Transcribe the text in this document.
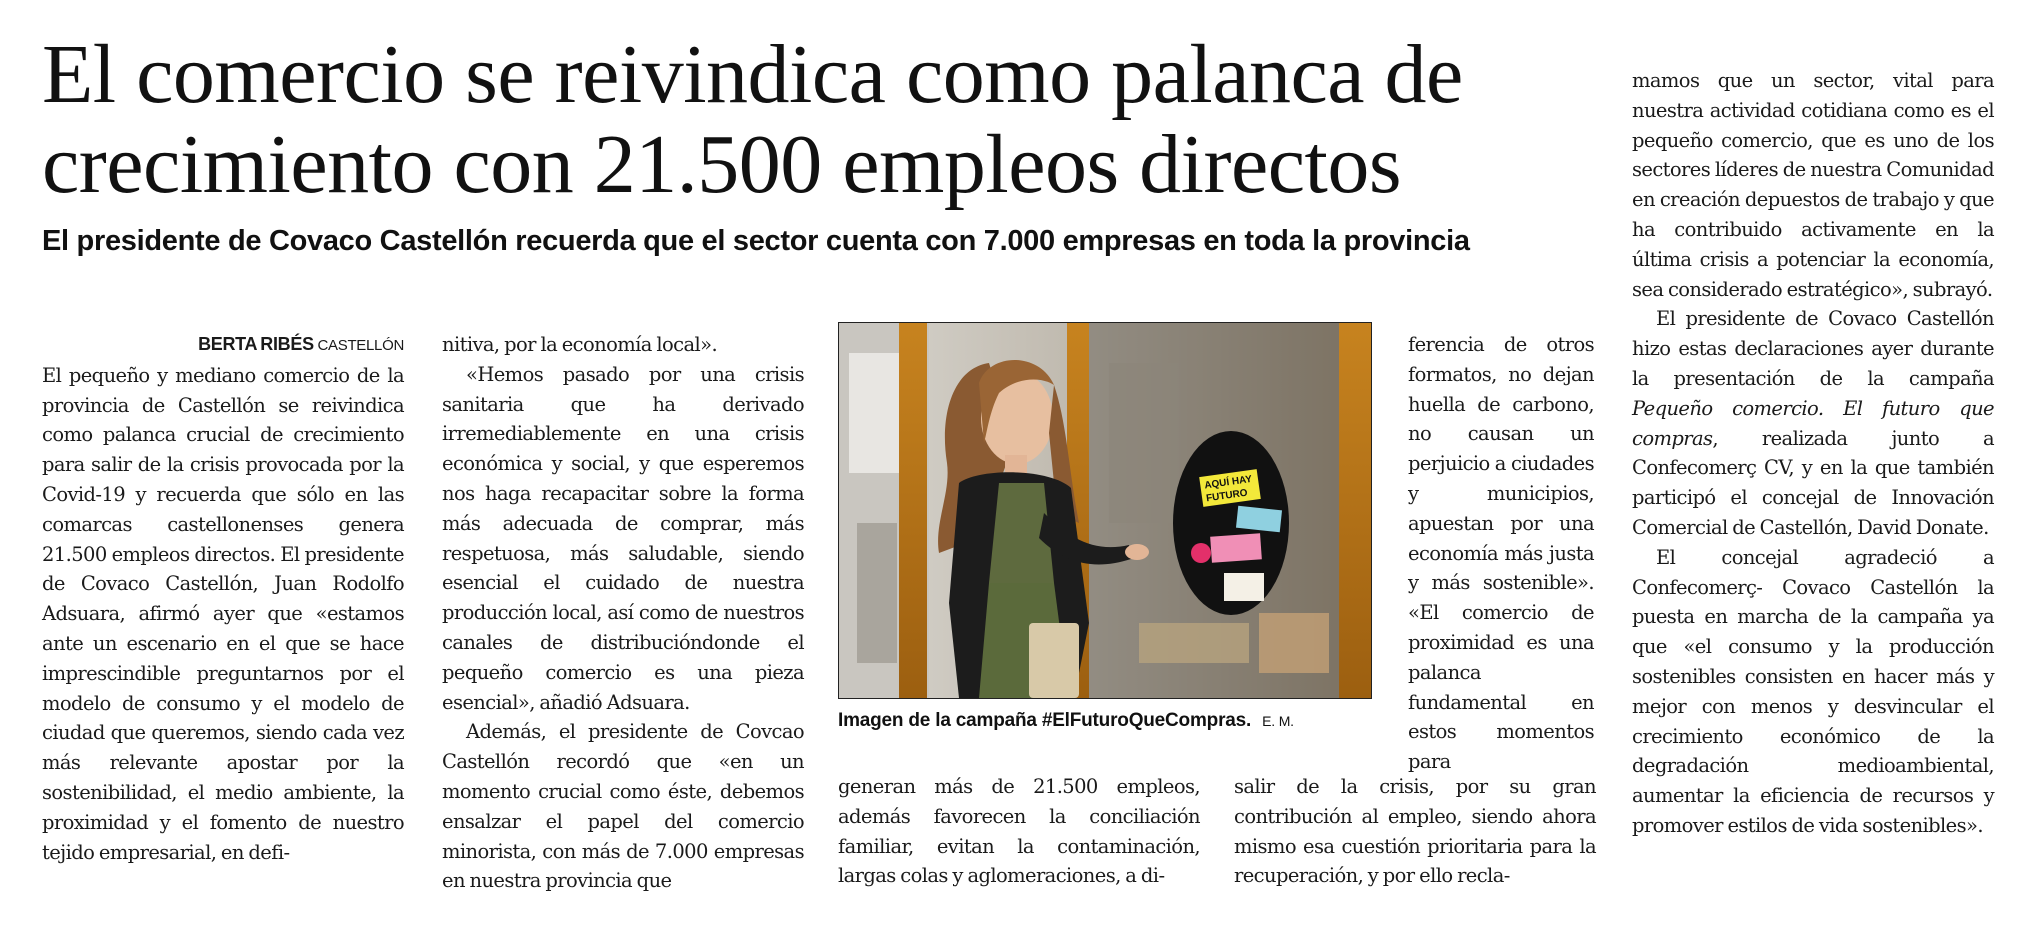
El comercio se reivindica como palanca de crecimiento con 21.500 empleos directos
El presidente de Covaco Castellón recuerda que el sector cuenta con 7.000 empresas en toda la provincia
BERTA RIBÉS CASTELLÓN

El pequeño y mediano comercio de la provincia de Castellón se reivindica como palanca crucial de crecimiento para salir de la crisis provocada por la Covid-19 y recuerda que sólo en las comarcas castellonenses genera 21.500 empleos directos. El presidente de Covaco Castellón, Juan Rodolfo Adsuara, afirmó ayer que «estamos ante un escenario en el que se hace imprescindible preguntarnos por el modelo de consumo y el modelo de ciudad que queremos, siendo cada vez más relevante apostar por la sostenibilidad, el medio ambiente, la proximidad y el fomento de nuestro tejido empresarial, en defi-

nitiva, por la economía local».

«Hemos pasado por una crisis sanitaria que ha derivado irremediablemente en una crisis económica y social, y que esperemos nos haga recapacitar sobre la forma más adecuada de comprar, más respetuosa, más saludable, siendo esencial el cuidado de nuestra producción local, así como de nuestros canales de distribucióndonde el pequeño comercio es una pieza esencial», añadió Adsuara.

Además, el presidente de Covcao Castellón recordó que «en un momento crucial como éste, debemos ensalzar el papel del comercio minorista, con más de 7.000 empresas en nuestra provincia que

AQUÍ HAY
FUTURO
Imagen de la campaña #ElFuturoQueCompras. E. M.

ferencia de otros formatos, no dejan huella de carbono, no causan un perjuicio a ciudades y municipios, apuestan por una economía más justa y más sostenible». «El comercio de proximidad es una palanca fundamental en estos momentos para

generan más de 21.500 empleos, además favorecen la conciliación familiar, evitan la contaminación, largas colas y aglomeraciones, a di-

salir de la crisis, por su gran contribución al empleo, siendo ahora mismo esa cuestión prioritaria para la recuperación, y por ello recla-

mamos que un sector, vital para nuestra actividad cotidiana como es el pequeño comercio, que es uno de los sectores líderes de nuestra Comunidad en creación depuestos de trabajo y que ha contribuido activamente en la última crisis a potenciar la economía, sea considerado estratégico», subrayó.

El presidente de Covaco Castellón hizo estas declaraciones ayer durante la presentación de la campaña Pequeño comercio. El futuro que compras, realizada junto a Confecomerç CV, y en la que también participó el concejal de Innovación Comercial de Castellón, David Donate.

El concejal agradeció a Confecomerç- Covaco Castellón la puesta en marcha de la campaña ya que «el consumo y la producción sostenibles consisten en hacer más y mejor con menos y desvincular el crecimiento económico de la degradación medioambiental, aumentar la eficiencia de recursos y promover estilos de vida sostenibles».
